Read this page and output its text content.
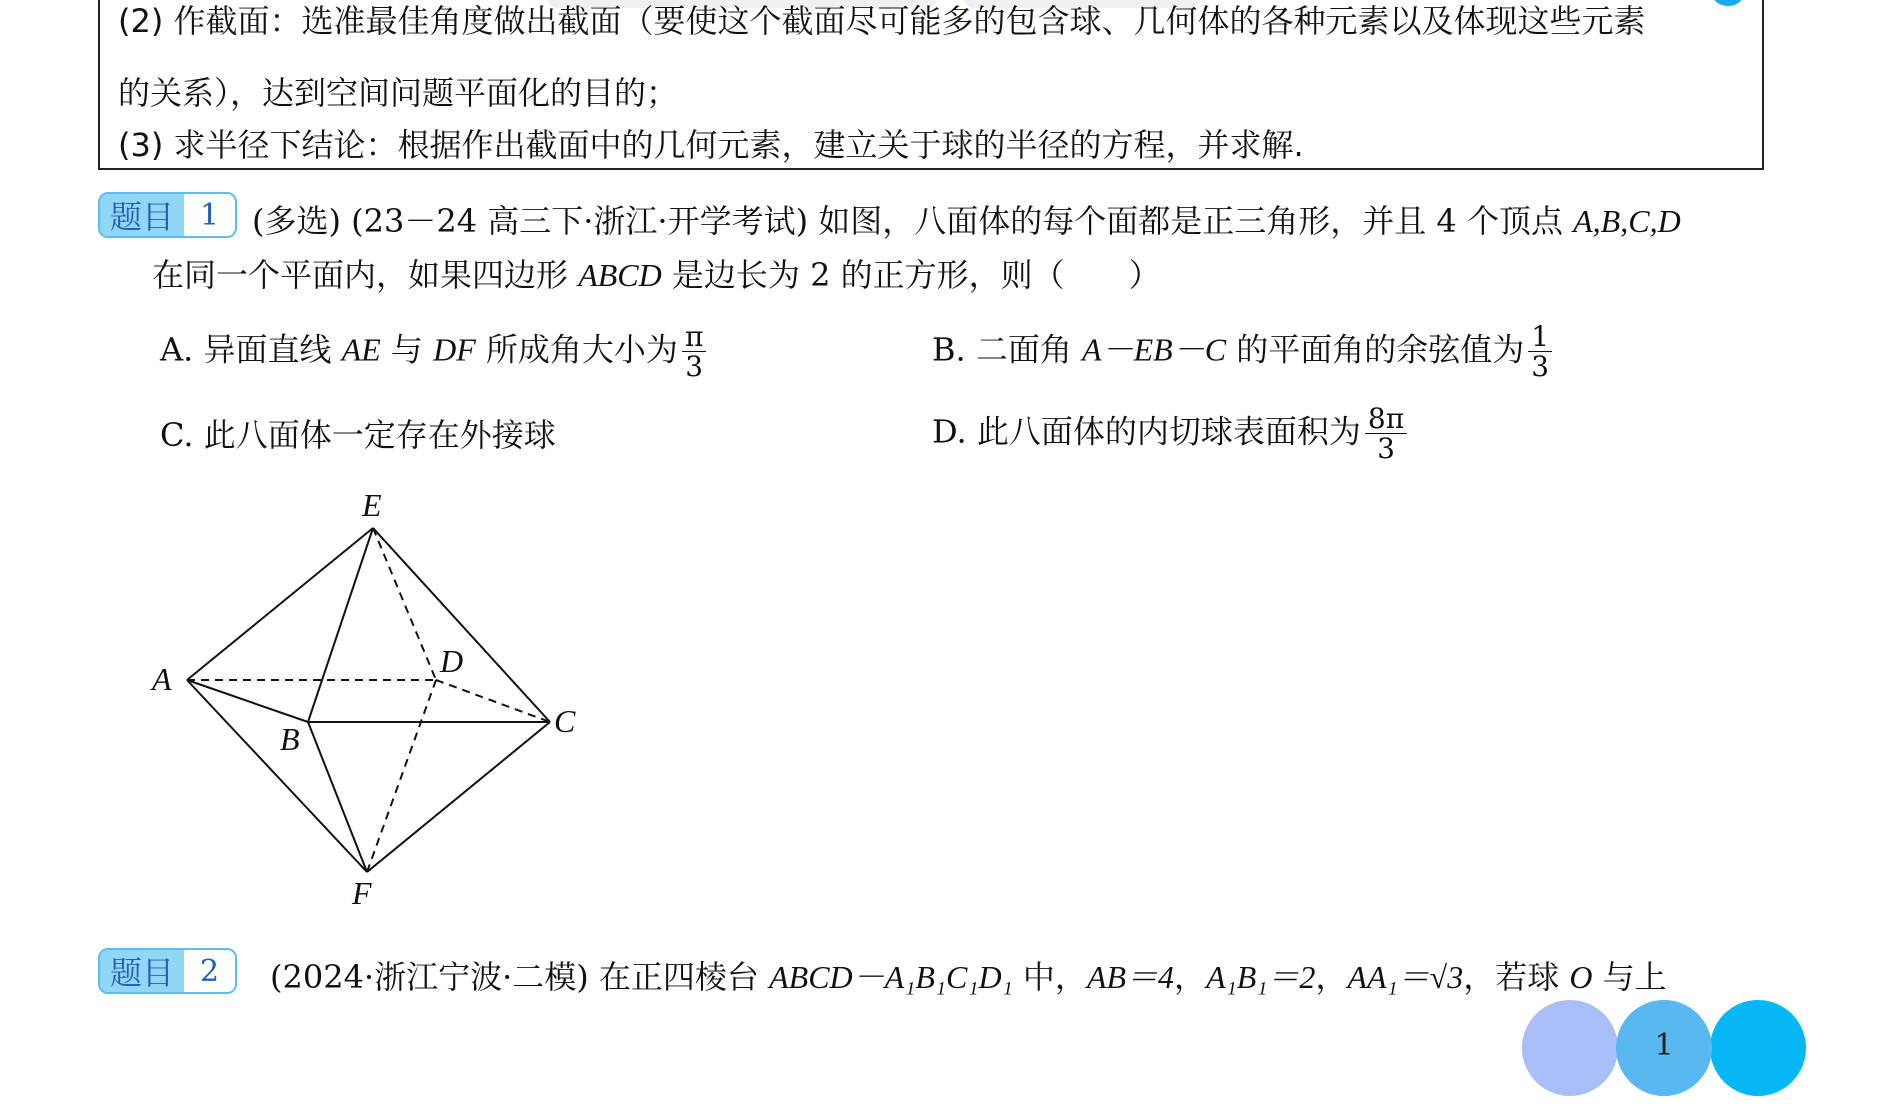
(2) 作截面：选准最佳角度做出截面（要使这个截面尽可能多的包含球、几何体的各种元素以及体现这些元素
的关系），达到空间问题平面化的目的；
(3) 求半径下结论：根据作出截面中的几何元素，建立关于球的半径的方程，并求解.
题目 1	(多选) (23－24 高三下·浙江·开学考试) 如图，八面体的每个面都是正三角形，并且 4 个顶点 A,B,C,D
在同一个平面内，如果四边形 ABCD 是边长为 2 的正方形，则（　　）
A. 异面直线 AE 与 DF 所成角大小为 $\frac{\pi}{3}$	B. 二面角 A－EB－C 的平面角的余弦值为 $\frac{1}{3}$
C. 此八面体一定存在外接球	D. 此八面体的内切球表面积为 $\frac{8\pi}{3}$
E
A	D
B	C
F
题目 2	(2024·浙江宁波·二模) 在正四棱台 ABCD－A₁B₁C₁D₁ 中，AB＝4，A₁B₁＝2，AA₁＝√3，若球 O 与上
1
